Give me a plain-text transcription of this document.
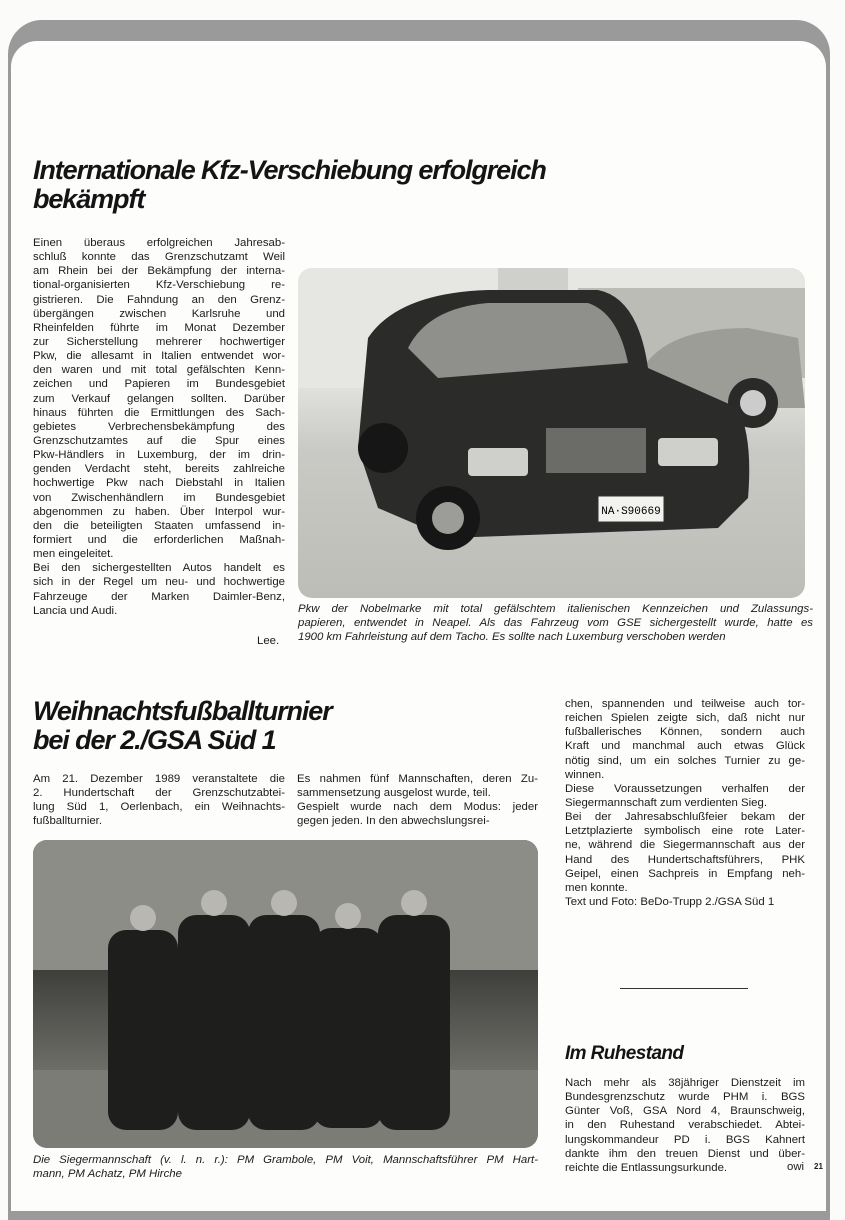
Internationale Kfz-Verschiebung erfolgreich
bekämpft
Einen überaus erfolgreichen Jahresab-
schluß konnte das Grenzschutzamt Weil
am Rhein bei der Bekämpfung der interna-
tional-organisierten Kfz-Verschiebung re-
gistrieren. Die Fahndung an den Grenz-
übergängen zwischen Karlsruhe und
Rheinfelden führte im Monat Dezember
zur Sicherstellung mehrerer hochwertiger
Pkw, die allesamt in Italien entwendet wor-
den waren und mit total gefälschten Kenn-
zeichen und Papieren im Bundesgebiet
zum Verkauf gelangen sollten. Darüber
hinaus führten die Ermittlungen des Sach-
gebietes Verbrechensbekämpfung des
Grenzschutzamtes auf die Spur eines
Pkw-Händlers in Luxemburg, der im drin-
genden Verdacht steht, bereits zahlreiche
hochwertige Pkw nach Diebstahl in Italien
von Zwischenhändlern im Bundesgebiet
abgenommen zu haben. Über Interpol wur-
den die beteiligten Staaten umfassend in-
formiert und die erforderlichen Maßnah-
men eingeleitet.
Bei den sichergestellten Autos handelt es
sich in der Regel um neu- und hochwertige
Fahrzeuge der Marken Daimler-Benz,
Lancia und Audi.
Lee.
NA·S90669
Pkw der Nobelmarke mit total gefälschtem italienischen Kennzeichen und Zulassungs-
papieren, entwendet in Neapel. Als das Fahrzeug vom GSE sichergestellt wurde, hatte es
1900 km Fahrleistung auf dem Tacho. Es sollte nach Luxemburg verschoben werden
Weihnachtsfußballturnier
bei der 2./GSA Süd 1
Am 21. Dezember 1989 veranstaltete die
2. Hundertschaft der Grenzschutzabtei-
lung Süd 1, Oerlenbach, ein Weihnachts-
fußballturnier.
Es nahmen fünf Mannschaften, deren Zu-
sammensetzung ausgelost wurde, teil.
Gespielt wurde nach dem Modus: jeder
gegen jeden. In den abwechslungsrei-
chen, spannenden und teilweise auch tor-
reichen Spielen zeigte sich, daß nicht nur
fußballerisches Können, sondern auch
Kraft und manchmal auch etwas Glück
nötig sind, um ein solches Turnier zu ge-
winnen.
Diese Voraussetzungen verhalfen der
Siegermannschaft zum verdienten Sieg.
Bei der Jahresabschlußfeier bekam der
Letztplazierte symbolisch eine rote Later-
ne, während die Siegermannschaft aus der
Hand des Hundertschaftsführers, PHK
Geipel, einen Sachpreis in Empfang neh-
men konnte.
Text und Foto: BeDo-Trupp 2./GSA Süd 1
Die Siegermannschaft (v. l. n. r.): PM Grambole, PM Voit, Mannschaftsführer PM Hart-
mann, PM Achatz, PM Hirche
Im Ruhestand
Nach mehr als 38jähriger Dienstzeit im
Bundesgrenzschutz wurde PHM i. BGS
Günter Voß, GSA Nord 4, Braunschweig,
in den Ruhestand verabschiedet. Abtei-
lungskommandeur PD i. BGS Kahnert
dankte ihm den treuen Dienst und über-
reichte die Entlassungsurkunde.	owi 21
